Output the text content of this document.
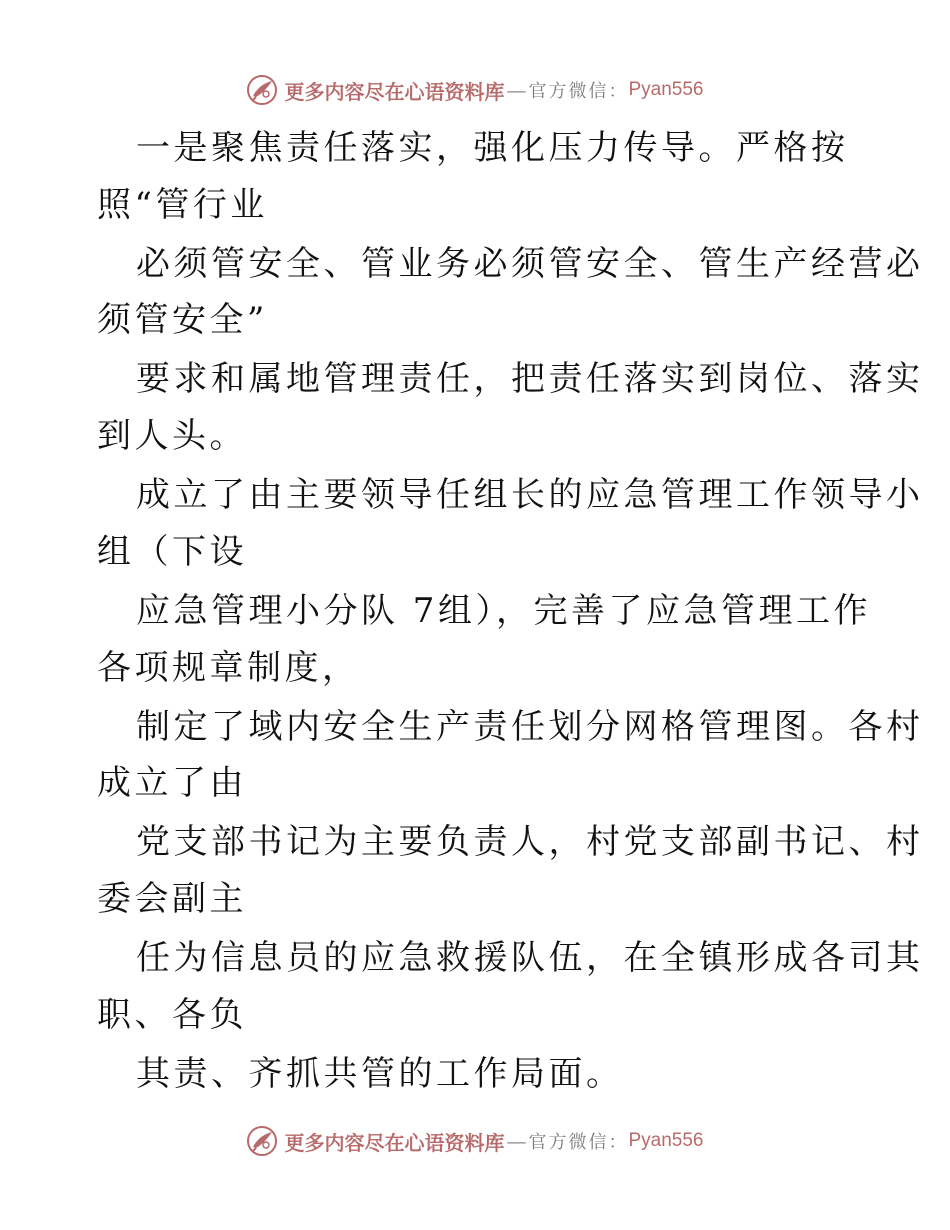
更多内容尽在心语资料库 — 官方微信： Pyan556
一是聚焦责任落实，强化压力传导。严格按
照“管行业
必须管安全、管业务必须管安全、管生产经营必
须管安全”
要求和属地管理责任，把责任落实到岗位、落实
到人头。
成立了由主要领导任组长的应急管理工作领导小
组（下设
应急管理小分队 7组），完善了应急管理工作
各项规章制度，
制定了域内安全生产责任划分网格管理图。各村
成立了由
党支部书记为主要负责人，村党支部副书记、村
委会副主
任为信息员的应急救援队伍，在全镇形成各司其
职、各负
其责、齐抓共管的工作局面。
更多内容尽在心语资料库 — 官方微信： Pyan556
